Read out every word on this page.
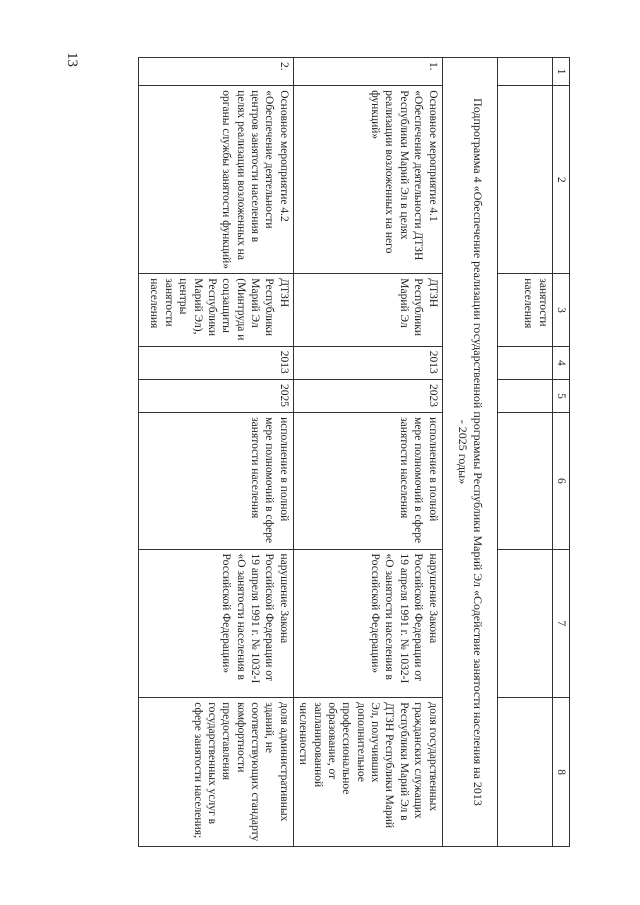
13
1	2	3	4	5	6	7	8
		занятости населения					
Подпрограмма 4 «Обеспечение реализации государственной программы Республики Марий Эл «Содействие занятости населения на 2013 - 2025 годы»							
1.	Основное мероприятие 4.1 «Обеспечение деятельности ДТЗН Республики Марий Эл в целях реализации возложенных на него функций»	ДТЗН Республики Марий Эл	2013	2023	исполнение в полной мере полномочий в сфере занятости населения	нарушение Закона Российской Федерации от 19 апреля 1991 г. № 1032-I «О занятости населения в Российской Федерации»	доля государственных гражданских служащих Республики Марий Эл в ДТЗН Республики Марий Эл, получивших дополнительное профессиональное образование, от запланированной численности
2.	Основное мероприятие 4.2 «Обеспечение деятельности центров занятости населения в целях реализации возложенных на органы службы занятости функций»	ДТЗН Республики Марий Эл (Минтруда и соцзащиты Республики Марий Эл), центры занятости населения	2013	2025	исполнение в полной мере полномочий в сфере занятости населения	нарушение Закона Российской Федерации от 19 апреля 1991 г. № 1032-I «О занятости населения в Российской Федерации»	доля административных зданий, не соответствующих стандарту комфортности предоставления государственных услуг в сфере занятости населения;
